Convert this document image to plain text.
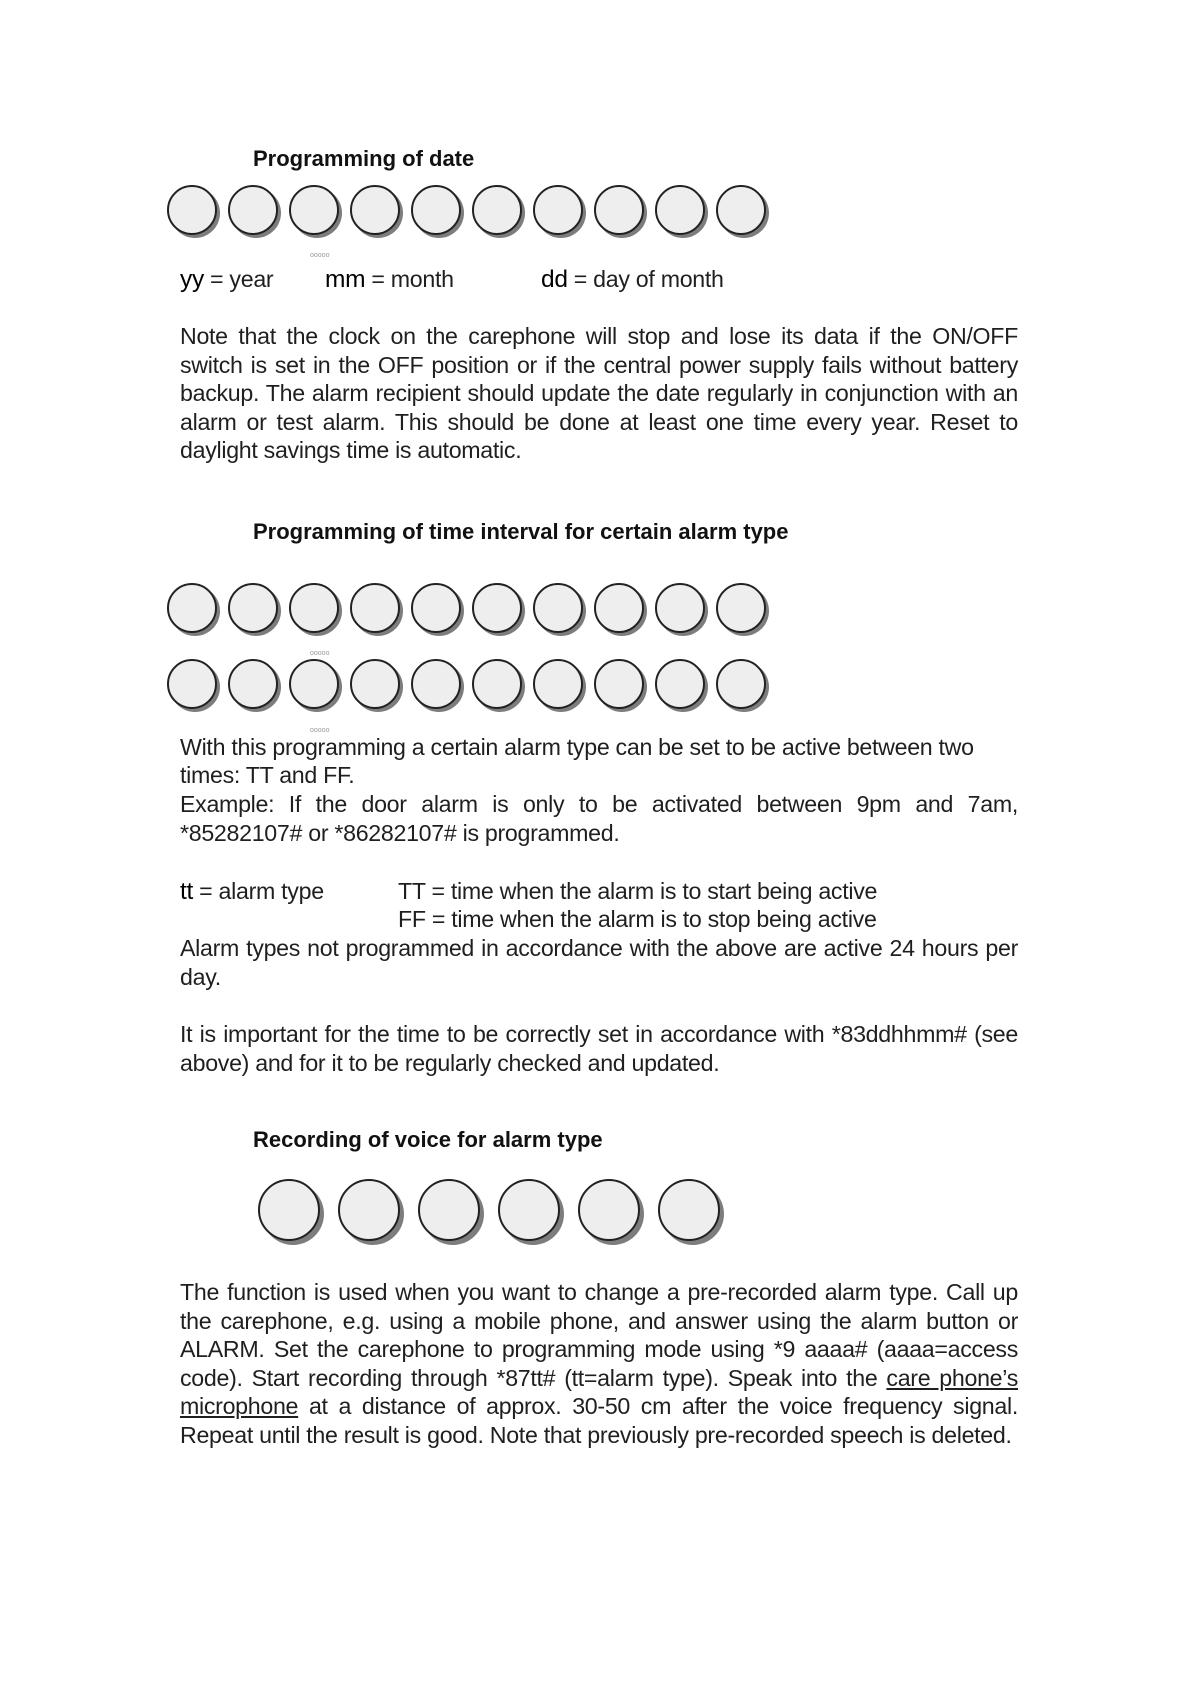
Programming of date
ooooo
yy = year mm = month	dd = day of month

Note that the clock on the carephone will stop and lose its data if the ON/OFF switch is set in the OFF position or if the central power supply fails without battery backup. The alarm recipient should update the date regularly in conjunction with an alarm or test alarm. This should be done at least one time every year. Reset to daylight savings time is automatic.

Programming of time interval for certain alarm type
ooooo
ooooo
With this programming a certain alarm type can be set to be active between two
times: TT and FF.

Example: If the door alarm is only to be activated between 9pm and 7am, *85282107# or *86282107# is programmed.

tt = alarm type	TT = time when the alarm is to start being active
FF = time when the alarm is to stop being active

Alarm types not programmed in accordance with the above are active 24 hours per day.

It is important for the time to be correctly set in accordance with *83ddhhmm# (see above) and for it to be regularly checked and updated.

Recording of voice for alarm type

The function is used when you want to change a pre-recorded alarm type. Call up the carephone, e.g. using a mobile phone, and answer using the alarm button or ALARM. Set the carephone to programming mode using *9 aaaa# (aaaa=access code). Start recording through *87tt# (tt=alarm type). Speak into the care phone’s microphone at a distance of approx. 30-50 cm after the voice frequency signal. Repeat until the result is good. Note that previously pre-recorded speech is deleted.
